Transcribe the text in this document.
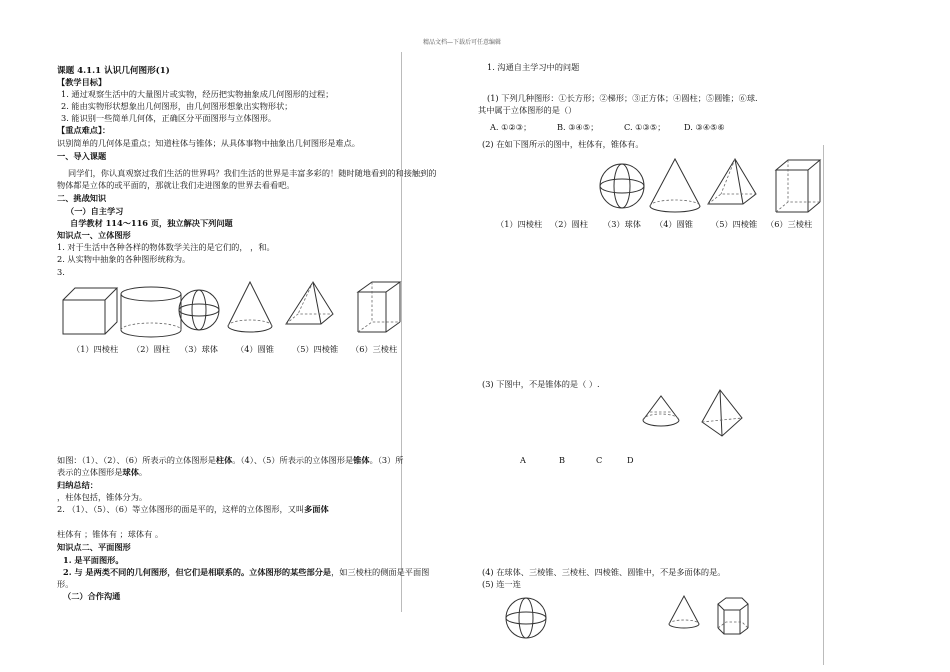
精品文档—下载后可任意编辑
课题 4.1.1 认识几何图形(1)
【教学目标】
1. 通过观察生活中的大量图片或实物，经历把实物抽象成几何图形的过程；
2. 能由实物形状想象出几何图形，由几何图形想象出实物形状；
3. 能识别一些简单几何体，正确区分平面图形与立体图形。
【重点难点】：
识别简单的几何体是重点；知道柱体与锥体；从具体事物中抽象出几何图形是难点。
一、导入课题
同学们，你认真观察过我们生活的世界吗？我们生活的世界是丰富多彩的！随时随地看到的和接触到的
物体都是立体的或平面的，那就让我们走进图象的世界去看看吧。
二、挑战知识
（一）自主学习
自学教材 114～116 页，独立解决下列问题
知识点一、立体图形
1. 对于生活中各种各样的物体数学关注的是它们的， ，和。
2. 从实物中抽象的各种图形统称为。
3.
（1）四棱柱 （2）圆柱 （3）球体 （4）圆锥 （5）四棱锥 （6）三棱柱
如图：（1）、（2）、（6）所表示的立体图形是柱体。（4）、（5）所表示的立体图形是锥体。（3）所
表示的立体图形是球体。
归纳总结：
，柱体包括，锥体分为。
2. （1）、（5）、（6）等立体图形的面是平的，这样的立体图形，又叫多面体
柱体有 ；锥体有 ；球体有 。
知识点二、平面图形
1. 是平面图形。
2. 与 是两类不同的几何图形，但它们是相联系的。立体图形的某些部分是，如三棱柱的侧面是平面图
形。
（二）合作沟通
1. 沟通自主学习中的问题
(1) 下列几种图形：①长方形；②梯形；③正方体；④圆柱；⑤圆锥；⑥球.
其中属于立体图形的是（）
A. ①②③；	B. ③④⑤；	C. ①③⑤； D. ③④⑤⑥
(2) 在如下图所示的图中，柱体有，锥体有。
（1）四棱柱 （2）圆柱 （3）球体 （4）圆锥 （5）四棱锥 （6）三棱柱
(3) 下图中，不是锥体的是（ ）.
A	B	C	D
(4) 在球体、三棱锥、三棱柱、四棱锥、圆锥中，不是多面体的是。
(5) 连一连
